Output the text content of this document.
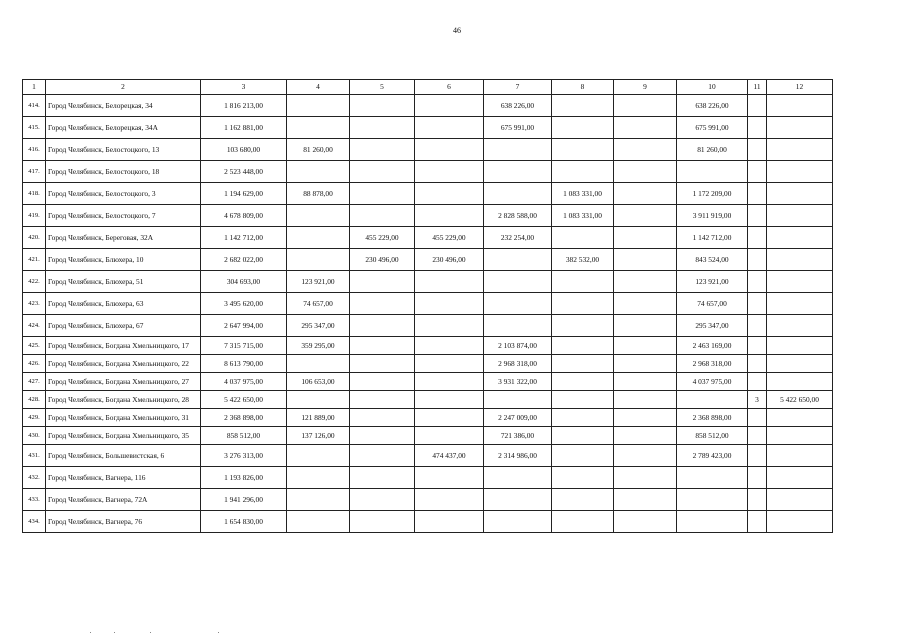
46
1	2	3	4	5	6	7	8	9	10	11	12
414.	Город Челябинск, Белорецкая, 34	1 816 213,00				638 226,00			638 226,00		
415.	Город Челябинск, Белорецкая, 34А	1 162 881,00				675 991,00			675 991,00		
416.	Город Челябинск, Белостоцкого, 13	103 680,00	81 260,00						81 260,00		
417.	Город Челябинск, Белостоцкого, 18	2 523 448,00									
418.	Город Челябинск, Белостоцкого, 3	1 194 629,00	88 878,00				1 083 331,00		1 172 209,00		
419.	Город Челябинск, Белостоцкого, 7	4 678 809,00				2 828 588,00	1 083 331,00		3 911 919,00		
420.	Город Челябинск, Береговая, 32А	1 142 712,00		455 229,00	455 229,00	232 254,00			1 142 712,00		
421.	Город Челябинск, Блюхера, 10	2 682 022,00		230 496,00	230 496,00		382 532,00		843 524,00		
422.	Город Челябинск, Блюхера, 51	304 693,00	123 921,00						123 921,00		
423.	Город Челябинск, Блюхера, 63	3 495 620,00	74 657,00						74 657,00		
424.	Город Челябинск, Блюхера, 67	2 647 994,00	295 347,00						295 347,00		
425.	Город Челябинск, Богдана Хмельницкого, 17	7 315 715,00	359 295,00			2 103 874,00			2 463 169,00		
426.	Город Челябинск, Богдана Хмельницкого, 22	8 613 790,00				2 968 318,00			2 968 318,00		
427.	Город Челябинск, Богдана Хмельницкого, 27	4 037 975,00	106 653,00			3 931 322,00			4 037 975,00		
428.	Город Челябинск, Богдана Хмельницкого, 28	5 422 650,00								3	5 422 650,00
429.	Город Челябинск, Богдана Хмельницкого, 31	2 368 898,00	121 889,00			2 247 009,00			2 368 898,00		
430.	Город Челябинск, Богдана Хмельницкого, 35	858 512,00	137 126,00			721 386,00			858 512,00		
431.	Город Челябинск, Большевистская, 6	3 276 313,00			474 437,00	2 314 986,00			2 789 423,00		
432.	Город Челябинск, Вагнера, 116	1 193 826,00									
433.	Город Челябинск, Вагнера, 72А	1 941 296,00									
434.	Город Челябинск, Вагнера, 76	1 654 830,00									
